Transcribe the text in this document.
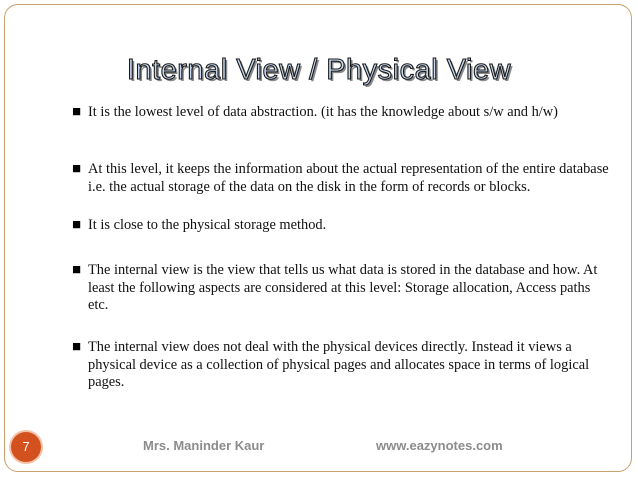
Internal View / Physical View
■ It is the lowest level of data abstraction. (it has the knowledge about s/w and h/w)
■ At this level, it keeps the information about the actual representation of the entire database i.e. the actual storage of the data on the disk in the form of records or blocks.
■ It is close to the physical storage method.
■ The internal view is the view that tells us what data is stored in the database and how. At least the following aspects are considered at this level: Storage allocation, Access paths etc.
■ The internal view does not deal with the physical devices directly. Instead it views a physical device as a collection of physical pages and allocates space in terms of logical pages.
7	Mrs. Maninder Kaur	www.eazynotes.com
